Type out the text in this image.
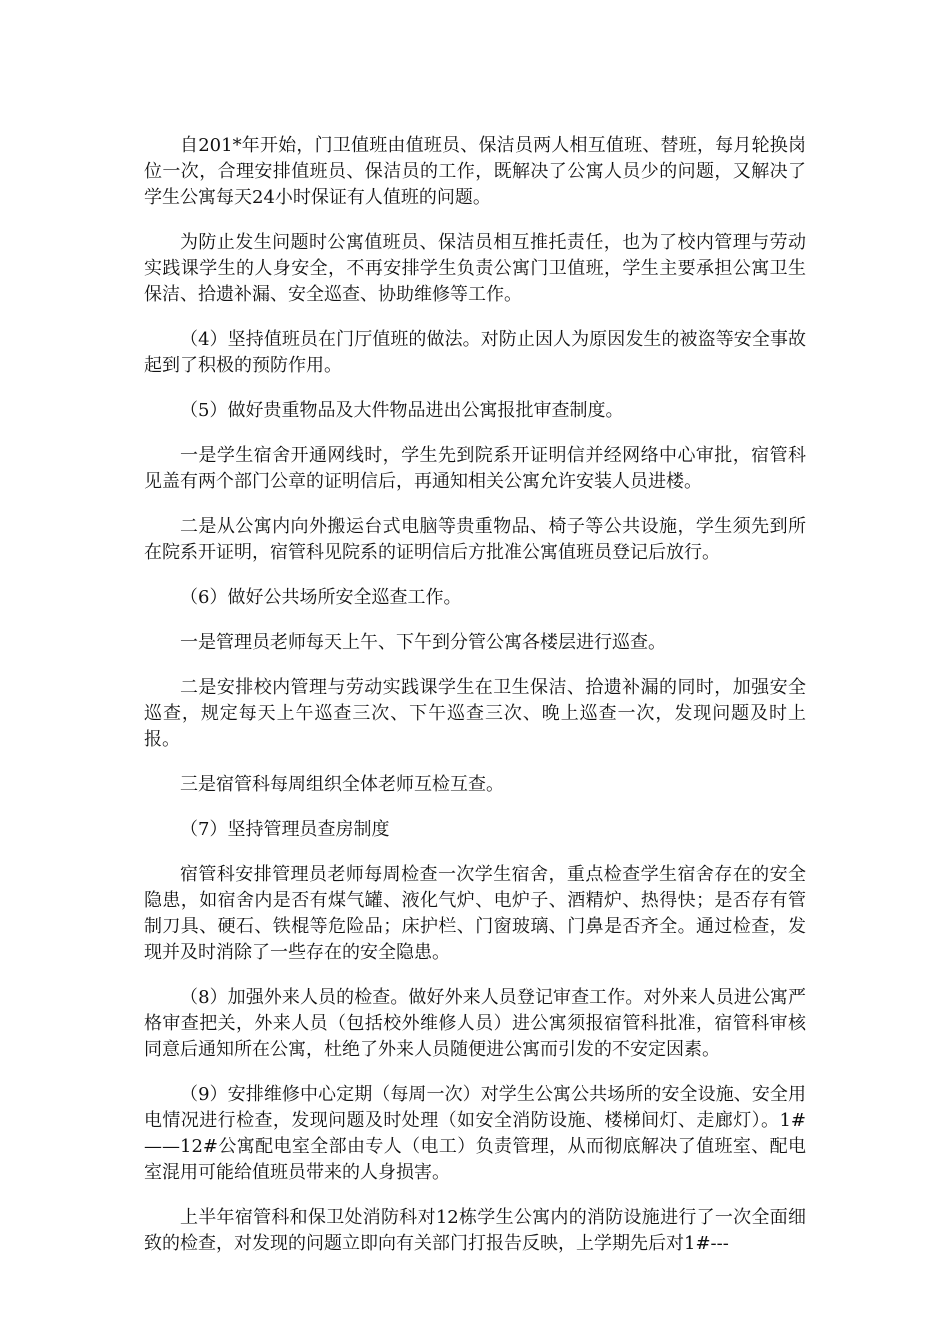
自201*年开始，门卫值班由值班员、保洁员两人相互值班、替班，每月轮换岗位一次，合理安排值班员、保洁员的工作，既解决了公寓人员少的问题，又解决了学生公寓每天24小时保证有人值班的问题。

为防止发生问题时公寓值班员、保洁员相互推托责任，也为了校内管理与劳动实践课学生的人身安全，不再安排学生负责公寓门卫值班，学生主要承担公寓卫生保洁、拾遗补漏、安全巡查、协助维修等工作。

（4）坚持值班员在门厅值班的做法。对防止因人为原因发生的被盗等安全事故起到了积极的预防作用。

（5）做好贵重物品及大件物品进出公寓报批审查制度。

一是学生宿舍开通网线时，学生先到院系开证明信并经网络中心审批，宿管科见盖有两个部门公章的证明信后，再通知相关公寓允许安装人员进楼。

二是从公寓内向外搬运台式电脑等贵重物品、椅子等公共设施，学生须先到所在院系开证明，宿管科见院系的证明信后方批准公寓值班员登记后放行。

（6）做好公共场所安全巡查工作。

一是管理员老师每天上午、下午到分管公寓各楼层进行巡查。

二是安排校内管理与劳动实践课学生在卫生保洁、拾遗补漏的同时，加强安全巡查，规定每天上午巡查三次、下午巡查三次、晚上巡查一次，发现问题及时上报。

三是宿管科每周组织全体老师互检互查。

（7）坚持管理员查房制度

宿管科安排管理员老师每周检查一次学生宿舍，重点检查学生宿舍存在的安全隐患，如宿舍内是否有煤气罐、液化气炉、电炉子、酒精炉、热得快；是否存有管制刀具、硬石、铁棍等危险品；床护栏、门窗玻璃、门鼻是否齐全。通过检查，发现并及时消除了一些存在的安全隐患。

（8）加强外来人员的检查。做好外来人员登记审查工作。对外来人员进公寓严格审查把关，外来人员（包括校外维修人员）进公寓须报宿管科批准，宿管科审核同意后通知所在公寓，杜绝了外来人员随便进公寓而引发的不安定因素。

（9）安排维修中心定期（每周一次）对学生公寓公共场所的安全设施、安全用电情况进行检查，发现问题及时处理（如安全消防设施、楼梯间灯、走廊灯）。1#——12#公寓配电室全部由专人（电工）负责管理，从而彻底解决了值班室、配电室混用可能给值班员带来的人身损害。

上半年宿管科和保卫处消防科对12栋学生公寓内的消防设施进行了一次全面细致的检查，对发现的问题立即向有关部门打报告反映，上学期先后对1#---
